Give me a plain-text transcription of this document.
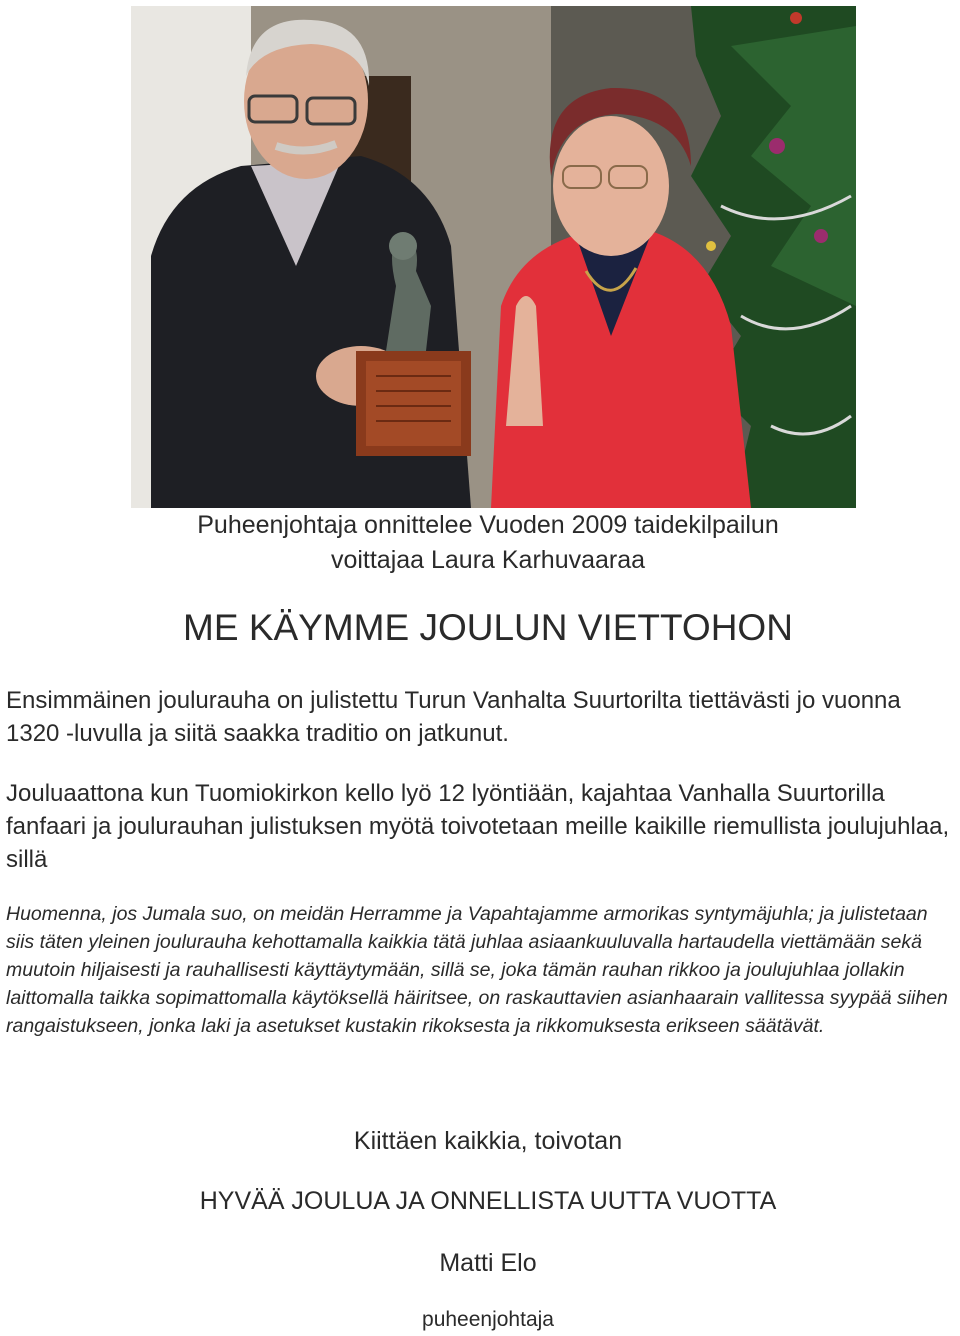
Puheenjohtaja onnittelee Vuoden 2009 taidekilpailun
voittajaa Laura Karhuvaaraa
ME KÄYMME JOULUN VIETTOHON

Ensimmäinen joulurauha on julistettu Turun Vanhalta Suurtorilta tiettävästi jo vuonna 1320 -luvulla ja siitä saakka traditio on jatkunut.

Jouluaattona kun Tuomiokirkon kello lyö 12 lyöntiään, kajahtaa Vanhalla Suurtorilla fanfaari ja joulurauhan julistuksen myötä toivotetaan meille kaikille riemullista joulujuhlaa, sillä

Huomenna, jos Jumala suo, on meidän Herramme ja Vapahtajamme armorikas syntymäjuhla; ja julistetaan siis täten yleinen joulurauha kehottamalla kaikkia tätä juhlaa asiaankuuluvalla hartaudella viettämään sekä muutoin hiljaisesti ja rauhallisesti käyttäytymään, sillä se, joka tämän rauhan rikkoo ja joulujuhlaa jollakin laittomalla taikka sopimattomalla käytöksellä häiritsee, on raskauttavien asianhaarain vallitessa syypää siihen rangaistukseen, jonka laki ja asetukset kustakin rikoksesta ja rikkomuksesta erikseen säätävät.

Kiittäen kaikkia, toivotan
HYVÄÄ JOULUA JA ONNELLISTA UUTTA VUOTTA
Matti Elo
puheenjohtaja
